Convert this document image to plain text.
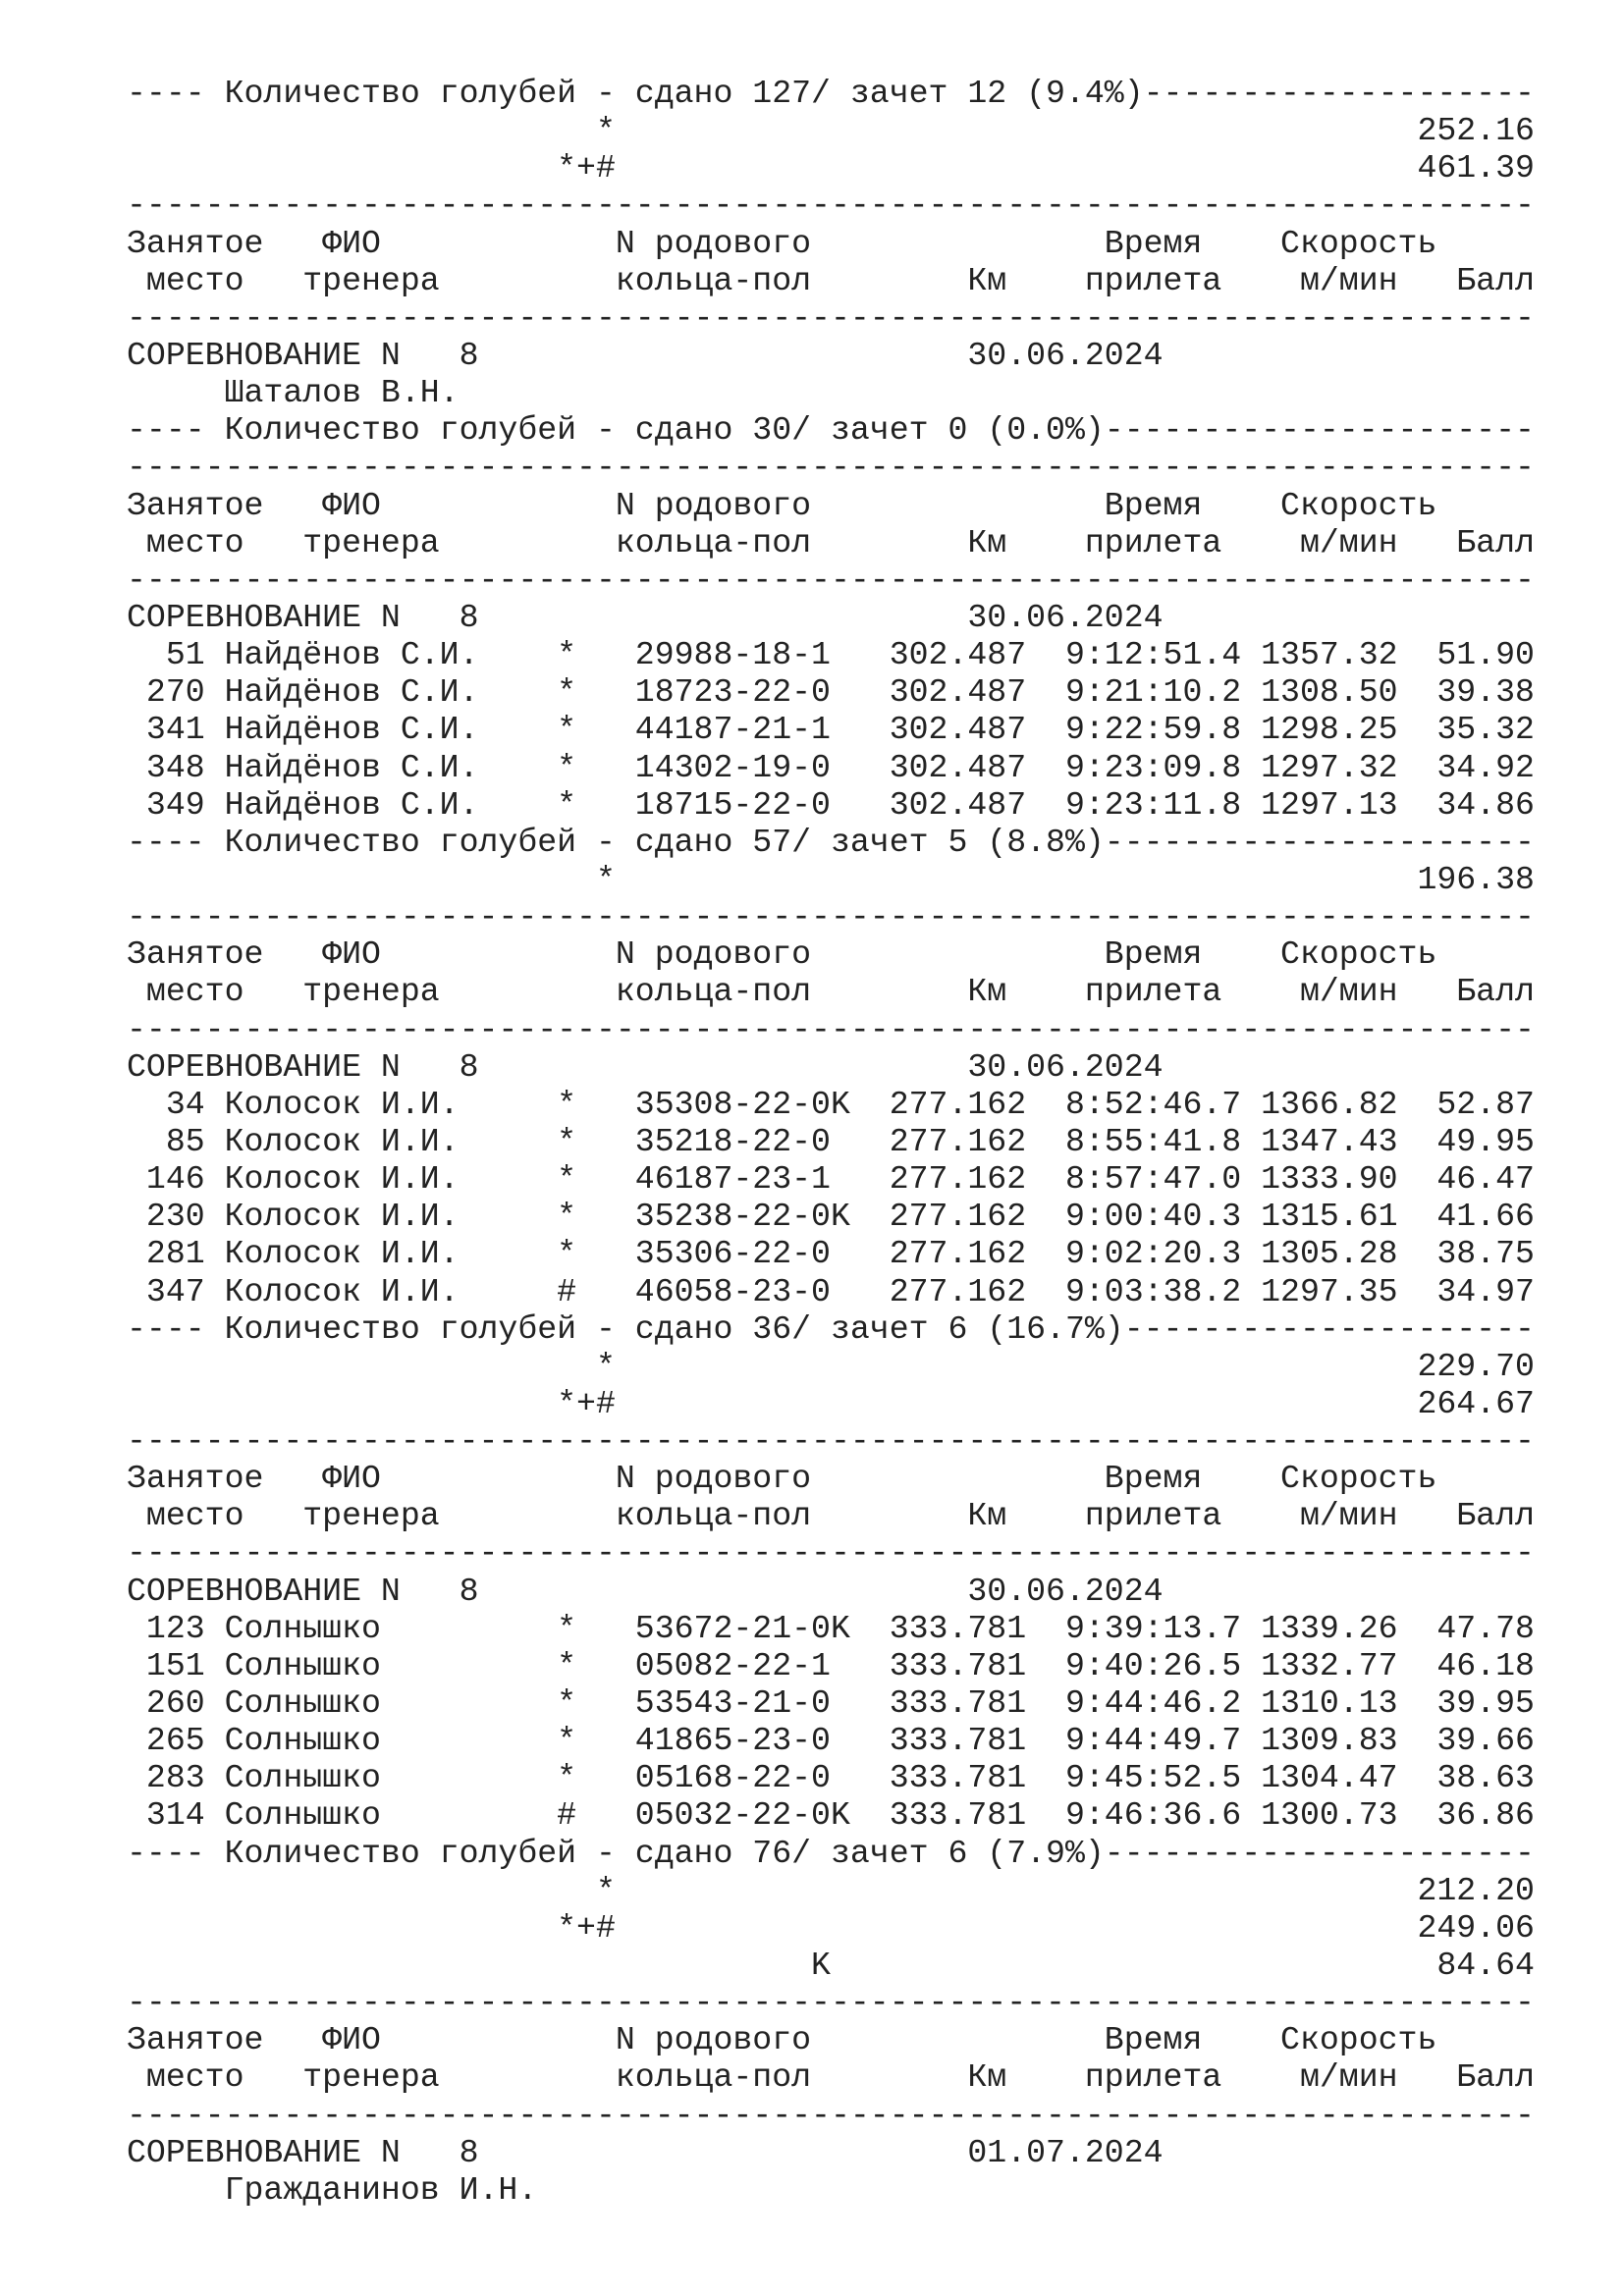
---- Количество голубей - сдано 127/ зачет 12 (9.4%)--------------------
*                                         252.16
*+#                                         461.39
------------------------------------------------------------------------
Занятое   ФИО            N родового               Время    Скорость
место   тренера         кольца-пол        Км    прилета    м/мин   Балл
------------------------------------------------------------------------
СОРЕВНОВАНИЕ N   8                         30.06.2024
Шаталов В.Н.
---- Количество голубей - сдано 30/ зачет 0 (0.0%)----------------------
------------------------------------------------------------------------
Занятое   ФИО            N родового               Время    Скорость
место   тренера         кольца-пол        Км    прилета    м/мин   Балл
------------------------------------------------------------------------
СОРЕВНОВАНИЕ N   8                         30.06.2024
51 Найдёнов С.И.    *   29988-18-1   302.487  9:12:51.4 1357.32  51.90
270 Найдёнов С.И.    *   18723-22-0   302.487  9:21:10.2 1308.50  39.38
341 Найдёнов С.И.    *   44187-21-1   302.487  9:22:59.8 1298.25  35.32
348 Найдёнов С.И.    *   14302-19-0   302.487  9:23:09.8 1297.32  34.92
349 Найдёнов С.И.    *   18715-22-0   302.487  9:23:11.8 1297.13  34.86
---- Количество голубей - сдано 57/ зачет 5 (8.8%)----------------------
*                                         196.38
------------------------------------------------------------------------
Занятое   ФИО            N родового               Время    Скорость
место   тренера         кольца-пол        Км    прилета    м/мин   Балл
------------------------------------------------------------------------
СОРЕВНОВАНИЕ N   8                         30.06.2024
34 Колосок И.И.     *   35308-22-0K  277.162  8:52:46.7 1366.82  52.87
85 Колосок И.И.     *   35218-22-0   277.162  8:55:41.8 1347.43  49.95
146 Колосок И.И.     *   46187-23-1   277.162  8:57:47.0 1333.90  46.47
230 Колосок И.И.     *   35238-22-0K  277.162  9:00:40.3 1315.61  41.66
281 Колосок И.И.     *   35306-22-0   277.162  9:02:20.3 1305.28  38.75
347 Колосок И.И.     #   46058-23-0   277.162  9:03:38.2 1297.35  34.97
---- Количество голубей - сдано 36/ зачет 6 (16.7%)---------------------
*                                         229.70
*+#                                         264.67
------------------------------------------------------------------------
Занятое   ФИО            N родового               Время    Скорость
место   тренера         кольца-пол        Км    прилета    м/мин   Балл
------------------------------------------------------------------------
СОРЕВНОВАНИЕ N   8                         30.06.2024
123 Солнышко         *   53672-21-0K  333.781  9:39:13.7 1339.26  47.78
151 Солнышко         *   05082-22-1   333.781  9:40:26.5 1332.77  46.18
260 Солнышко         *   53543-21-0   333.781  9:44:46.2 1310.13  39.95
265 Солнышко         *   41865-23-0   333.781  9:44:49.7 1309.83  39.66
283 Солнышко         *   05168-22-0   333.781  9:45:52.5 1304.47  38.63
314 Солнышко         #   05032-22-0K  333.781  9:46:36.6 1300.73  36.86
---- Количество голубей - сдано 76/ зачет 6 (7.9%)----------------------
*                                         212.20
*+#                                         249.06
K                               84.64
------------------------------------------------------------------------
Занятое   ФИО            N родового               Время    Скорость
место   тренера         кольца-пол        Км    прилета    м/мин   Балл
------------------------------------------------------------------------
СОРЕВНОВАНИЕ N   8                         01.07.2024
Гражданинов И.Н.
